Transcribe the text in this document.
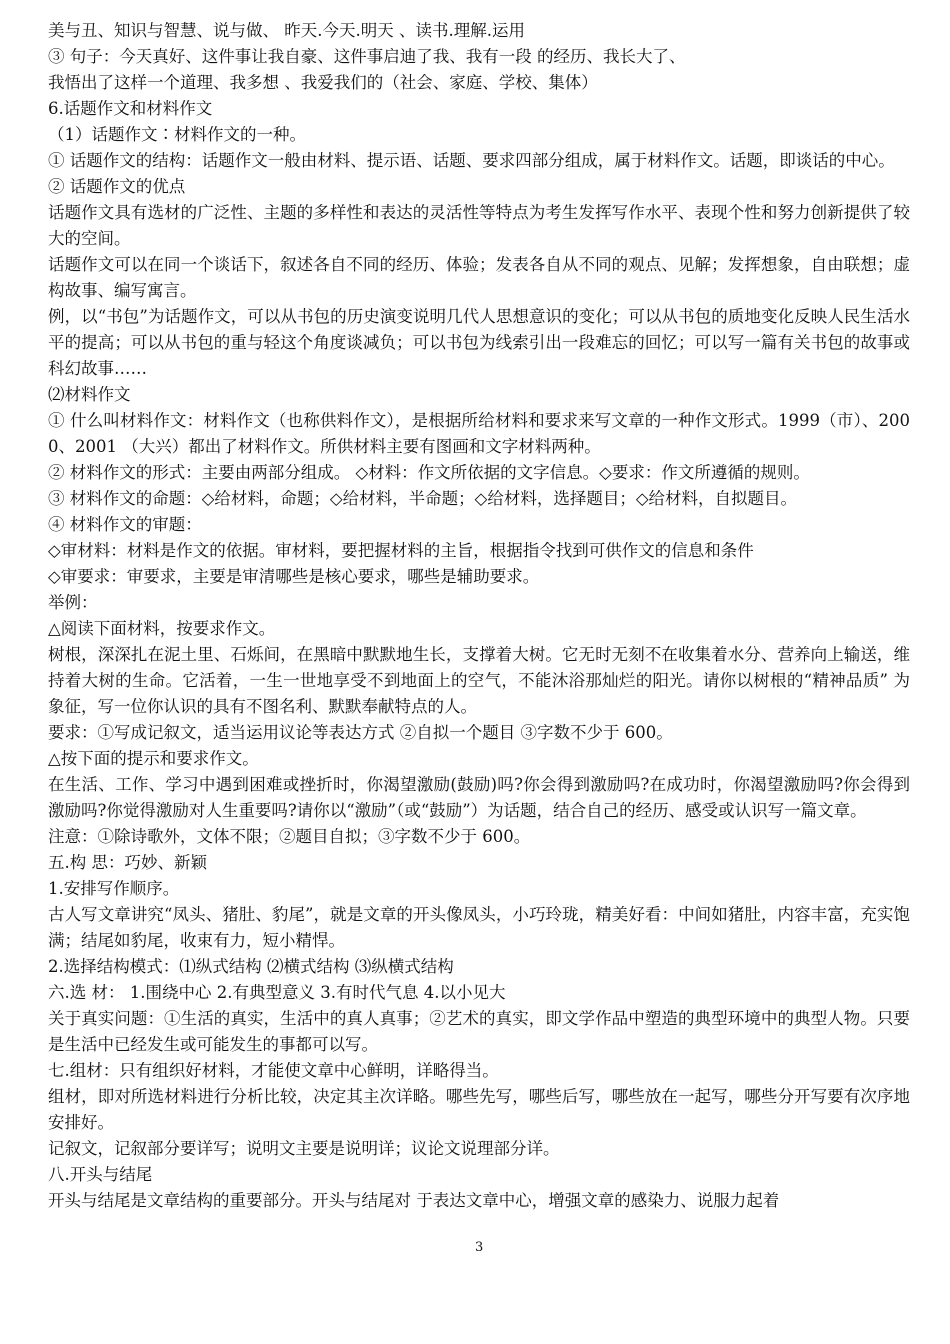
美与丑、知识与智慧、说与做、 昨天.今天.明天 、读书.理解.运用
③ 句子：今天真好、这件事让我自豪、这件事启迪了我、我有一段 的经历、我长大了、
我悟出了这样一个道理、我多想 、我爱我们的（社会、家庭、学校、集体）
6.话题作文和材料作文
（1）话题作文∶材料作文的一种。
① 话题作文的结构：话题作文一般由材料、提示语、话题、要求四部分组成，属于材料作文。话题，即谈话的中心。
② 话题作文的优点
话题作文具有选材的广泛性、主题的多样性和表达的灵活性等特点为考生发挥写作水平、表现个性和努力创新提供了较大的空间。
话题作文可以在同一个谈话下，叙述各自不同的经历、体验；发表各自从不同的观点、见解；发挥想象，自由联想；虚构故事、编写寓言。
例，以“书包”为话题作文，可以从书包的历史演变说明几代人思想意识的变化；可以从书包的质地变化反映人民生活水平的提高；可以从书包的重与轻这个角度谈减负；可以书包为线索引出一段难忘的回忆；可以写一篇有关书包的故事或科幻故事……
⑵材料作文
① 什么叫材料作文：材料作文（也称供料作文），是根据所给材料和要求来写文章的一种作文形式。1999（市）、2000、2001 （大兴）都出了材料作文。所供材料主要有图画和文字材料两种。
② 材料作文的形式：主要由两部分组成。 ◇材料：作文所依据的文字信息。◇要求：作文所遵循的规则。
③ 材料作文的命题：◇给材料，命题；◇给材料，半命题；◇给材料，选择题目；◇给材料，自拟题目。
④ 材料作文的审题：
◇审材料：材料是作文的依据。审材料，要把握材料的主旨，根据指令找到可供作文的信息和条件
◇审要求：审要求，主要是审清哪些是核心要求，哪些是辅助要求。
举例：
△阅读下面材料，按要求作文。
树根，深深扎在泥土里、石烁间，在黑暗中默默地生长，支撑着大树。它无时无刻不在收集着水分、营养向上输送，维持着大树的生命。它活着，一生一世地享受不到地面上的空气，不能沐浴那灿烂的阳光。请你以树根的“精神品质” 为象征，写一位你认识的具有不图名利、默默奉献特点的人。
要求：①写成记叙文，适当运用议论等表达方式 ②自拟一个题目 ③字数不少于 600。
△按下面的提示和要求作文。
在生活、工作、学习中遇到困难或挫折时，你渴望激励(鼓励)吗?你会得到激励吗?在成功时，你渴望激励吗?你会得到激励吗?你觉得激励对人生重要吗?请你以“激励”（或“鼓励”）为话题，结合自己的经历、感受或认识写一篇文章。
注意：①除诗歌外，文体不限；②题目自拟；③字数不少于 600。
五.构 思：巧妙、新颖
1.安排写作顺序。
古人写文章讲究“凤头、猪肚、豹尾”，就是文章的开头像凤头，小巧玲珑，精美好看：中间如猪肚，内容丰富，充实饱满；结尾如豹尾，收束有力，短小精悍。
2.选择结构模式：⑴纵式结构 ⑵横式结构 ⑶纵横式结构
六.选 材： 1.围绕中心 2.有典型意义 3.有时代气息 4.以小见大
关于真实问题：①生活的真实，生活中的真人真事；②艺术的真实，即文学作品中塑造的典型环境中的典型人物。只要是生活中已经发生或可能发生的事都可以写。
七.组材：只有组织好材料，才能使文章中心鲜明，详略得当。
组材，即对所选材料进行分析比较，决定其主次详略。哪些先写，哪些后写，哪些放在一起写，哪些分开写要有次序地安排好。
记叙文，记叙部分要详写；说明文主要是说明详；议论文说理部分详。
八.开头与结尾
开头与结尾是文章结构的重要部分。开头与结尾对 于表达文章中心，增强文章的感染力、说服力起着
3
